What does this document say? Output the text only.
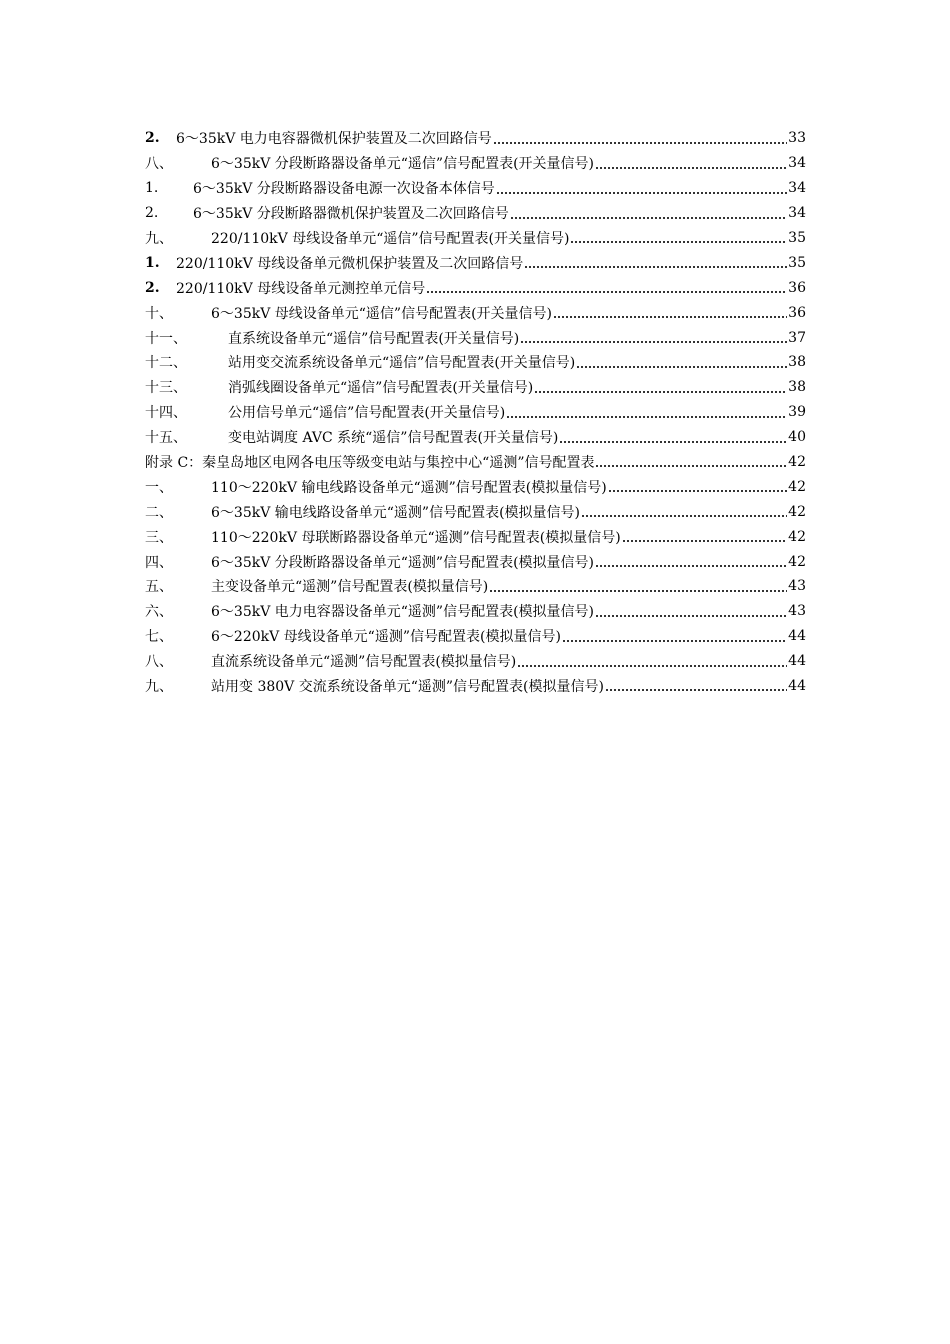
2.	6～35kV 电力电容器微机保护装置及二次回路信号	33
八、	6～35kV 分段断路器设备单元“遥信”信号配置表(开关量信号)	34
1.	6～35kV 分段断路器设备电源一次设备本体信号	34
2.	6～35kV 分段断路器微机保护装置及二次回路信号	34
九、	220/110kV 母线设备单元“遥信”信号配置表(开关量信号)	35
1.	220/110kV 母线设备单元微机保护装置及二次回路信号	35
2.	220/110kV 母线设备单元测控单元信号	36
十、	6～35kV 母线设备单元“遥信”信号配置表(开关量信号)	36
十一、	直系统设备单元“遥信”信号配置表(开关量信号)	37
十二、	站用变交流系统设备单元“遥信”信号配置表(开关量信号)	38
十三、	消弧线圈设备单元“遥信”信号配置表(开关量信号)	38
十四、	公用信号单元“遥信”信号配置表(开关量信号)	39
十五、	变电站调度 AVC 系统“遥信”信号配置表(开关量信号)	40
附录 C：秦皇岛地区电网各电压等级变电站与集控中心“遥测”信号配置表	42
一、	110～220kV 输电线路设备单元“遥测”信号配置表(模拟量信号)	42
二、	6～35kV 输电线路设备单元“遥测”信号配置表(模拟量信号)	42
三、	110～220kV 母联断路器设备单元“遥测”信号配置表(模拟量信号)	42
四、	6～35kV 分段断路器设备单元“遥测”信号配置表(模拟量信号)	42
五、	主变设备单元“遥测”信号配置表(模拟量信号)	43
六、	6～35kV 电力电容器设备单元“遥测”信号配置表(模拟量信号)	43
七、	6～220kV 母线设备单元“遥测”信号配置表(模拟量信号)	44
八、	直流系统设备单元“遥测”信号配置表(模拟量信号)	44
九、	站用变 380V 交流系统设备单元“遥测”信号配置表(模拟量信号)	44
